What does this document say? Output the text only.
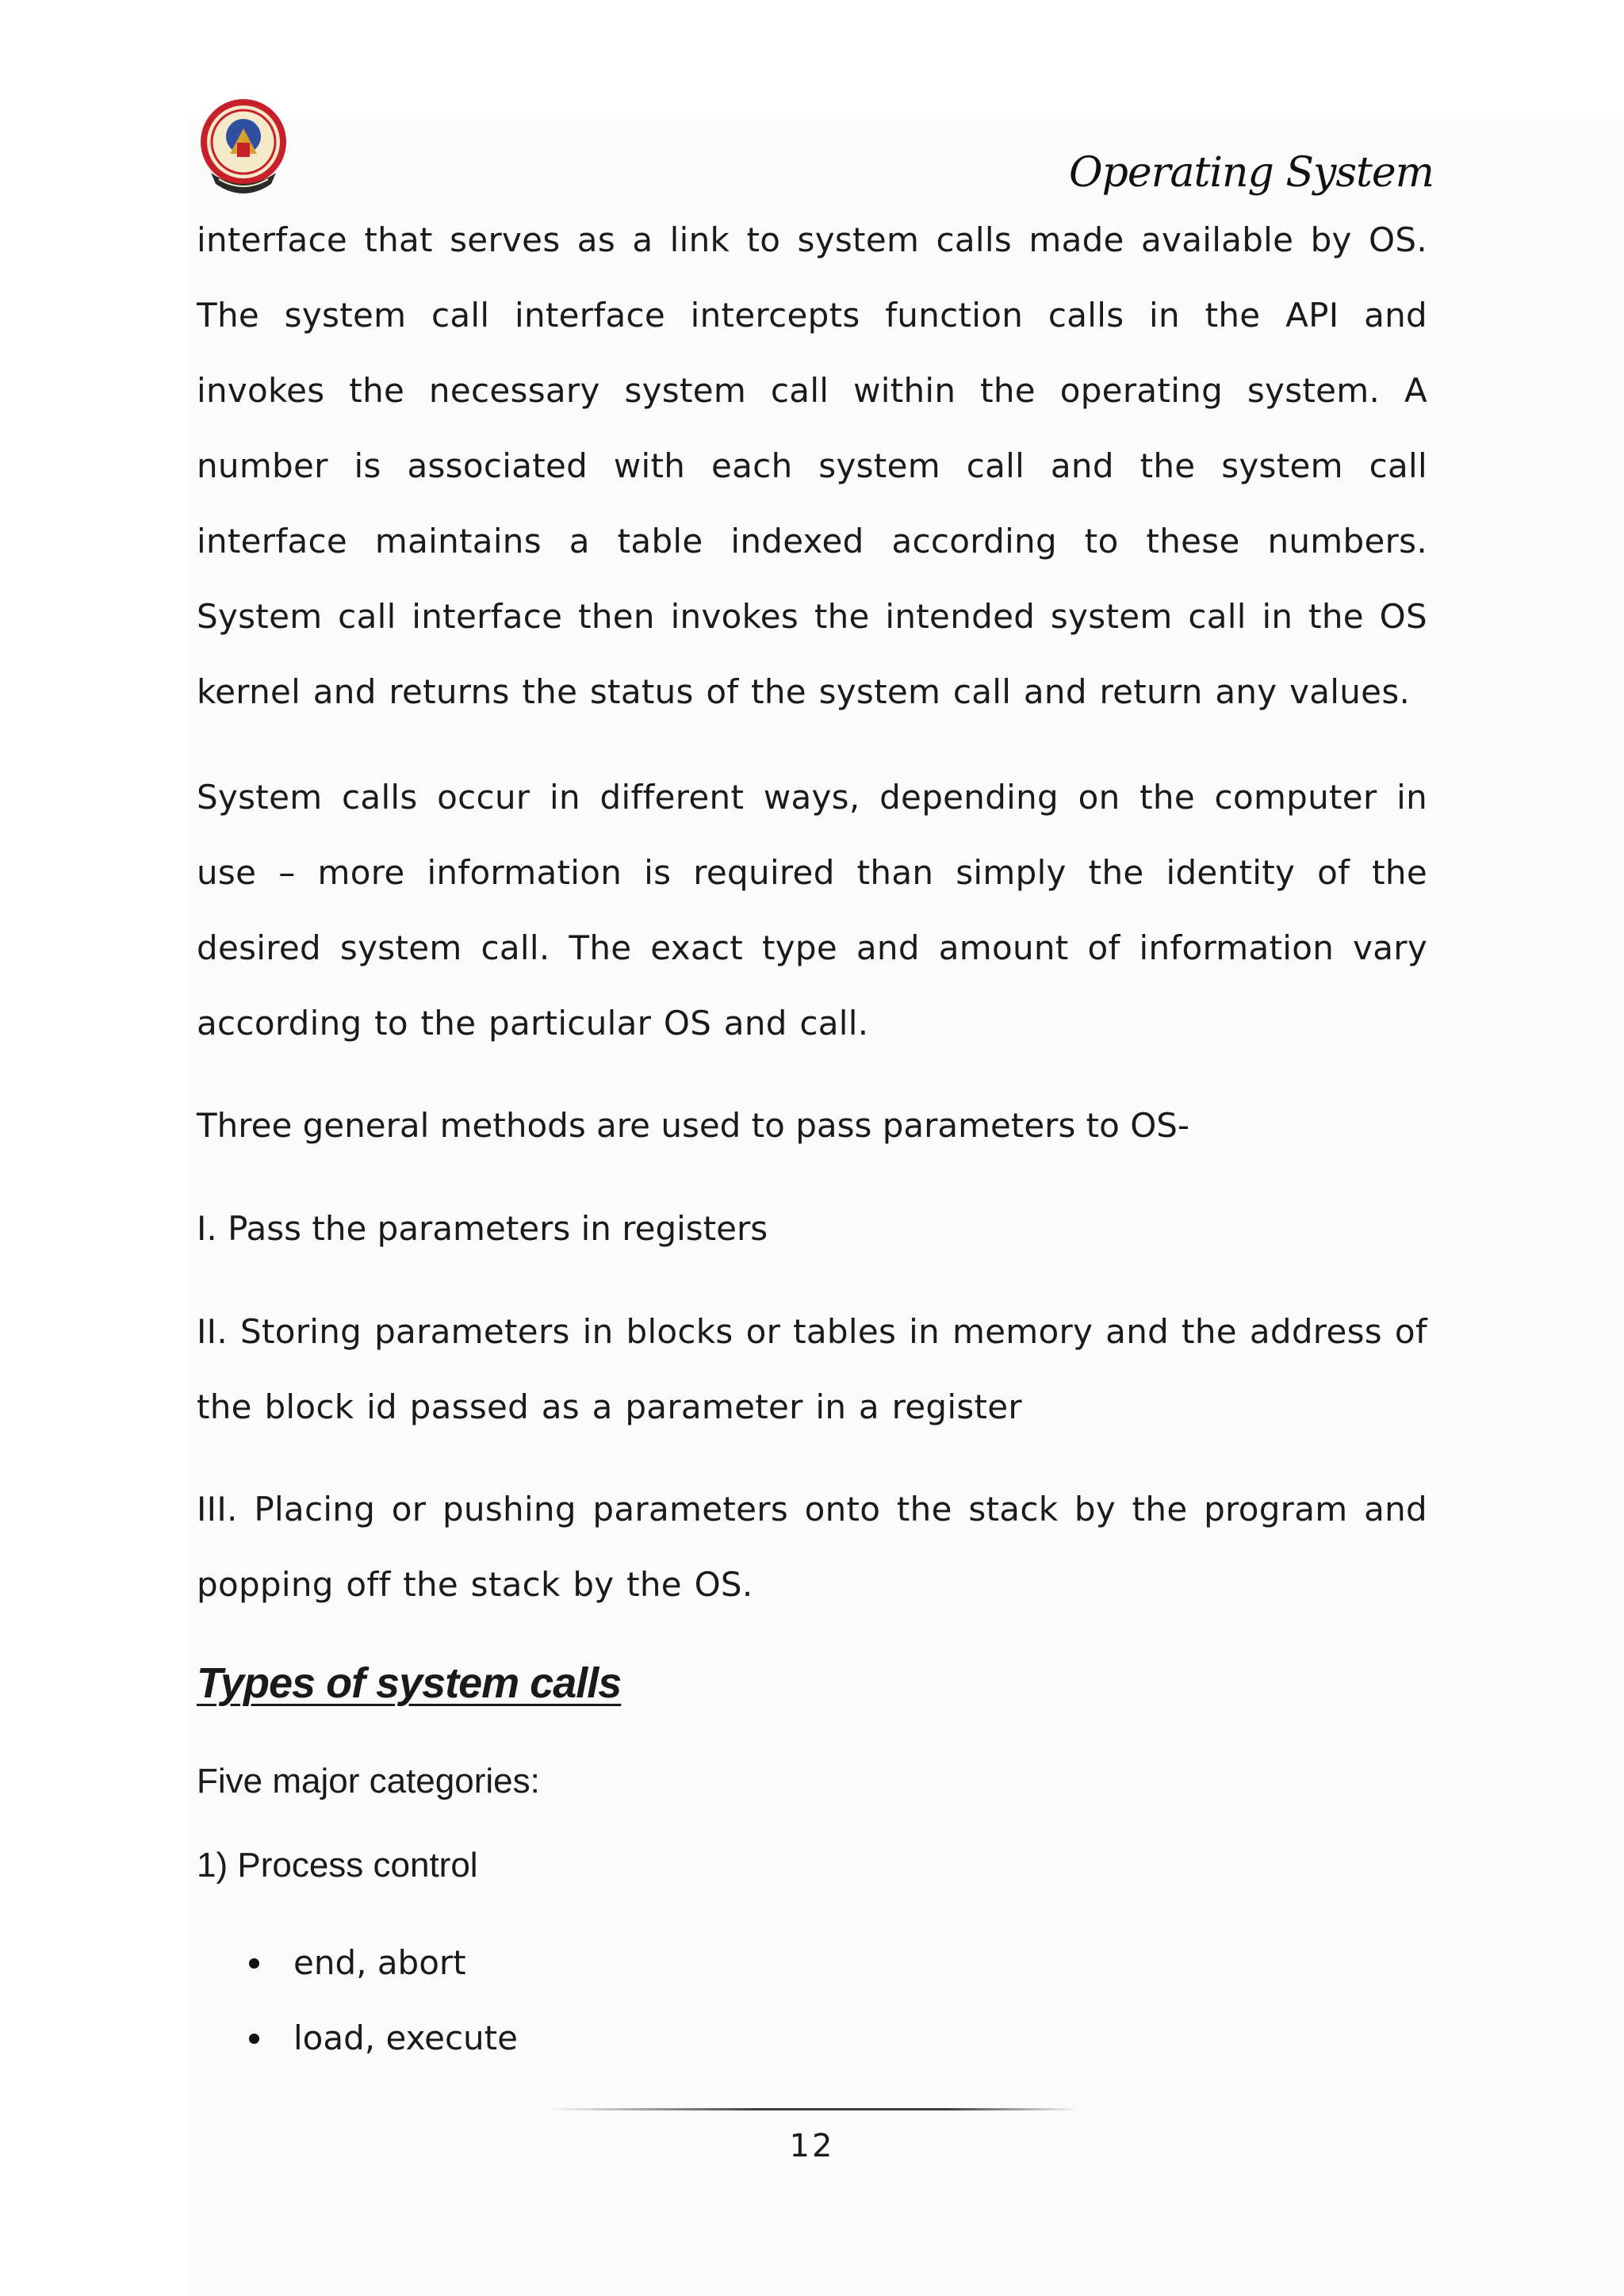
Operating System

interface that serves as a link to system calls made available by OS. The system call interface intercepts function calls in the API and invokes the necessary system call within the operating system. A number is associated with each system call and the system call interface maintains a table indexed according to these numbers. System call interface then invokes the intended system call in the OS kernel and returns the status of the system call and return any values.

System calls occur in different ways, depending on the computer in use – more information is required than simply the identity of the desired system call. The exact type and amount of information vary according to the particular OS and call.

Three general methods are used to pass parameters to OS-

I. Pass the parameters in registers

II. Storing parameters in blocks or tables in memory and the address of the block id passed as a parameter in a register

III. Placing or pushing parameters onto the stack by the program and popping off the stack by the OS.

Types of system calls

Five major categories:

1) Process control

end, abort
load, execute

12
